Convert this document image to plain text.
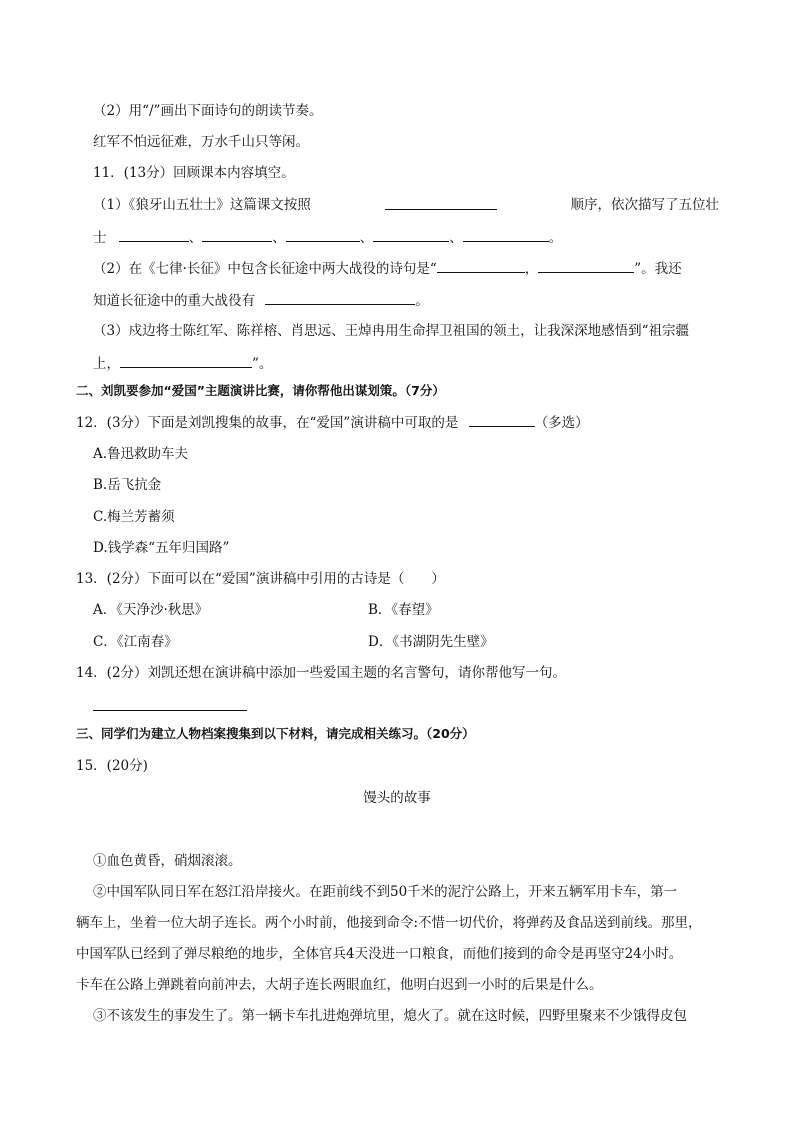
（2）用“/”画出下面诗句的朗读节奏。
红军不怕远征难，万水千山只等闲。
11．(13分）回顾课本内容填空。
（1）《狼牙山五壮士》这篇课文按照	顺序，依次描写了五位壮
士	、	、	、	、	。
（2）在《七律·长征》中包含长征途中两大战役的诗句是“	，	”。我还
知道长征途中的重大战役有	。
（3）戍边将士陈红军、陈祥榕、肖思远、王焯冉用生命捍卫祖国的领土，让我深深地感悟到“祖宗疆
上，	”。
二、刘凯要参加“爱国”主题演讲比赛，请你帮他出谋划策。（7分）
12．(3分）下面是刘凯搜集的故事，在“爱国”演讲稿中可取的是	（多选）
A.鲁迅救助车夫
B.岳飞抗金
C.梅兰芳蓄须
D.钱学森“五年归国路”
13．(2分）下面可以在“爱国”演讲稿中引用的古诗是（　　）
A．《天净沙·秋思》	B．《春望》
C．《江南春》	D．《书湖阴先生壁》
14．(2分）刘凯还想在演讲稿中添加一些爱国主题的名言警句，请你帮他写一句。
三、同学们为建立人物档案搜集到以下材料，请完成相关练习。（20分）
15．(20分)
馒头的故事
①血色黄昏，硝烟滚滚。
②中国军队同日军在怒江沿岸接火。在距前线不到50千米的泥泞公路上，开来五辆军用卡车，第一
辆车上，坐着一位大胡子连长。两个小时前，他接到命令:不惜一切代价，将弹药及食品送到前线。那里，
中国军队已经到了弹尽粮绝的地步，全体官兵4天没进一口粮食，而他们接到的命令是再坚守24小时。
卡车在公路上弹跳着向前冲去，大胡子连长两眼血红，他明白迟到一小时的后果是什么。
③不该发生的事发生了。第一辆卡车扎进炮弹坑里，熄火了。就在这时候，四野里聚来不少饿得皮包
